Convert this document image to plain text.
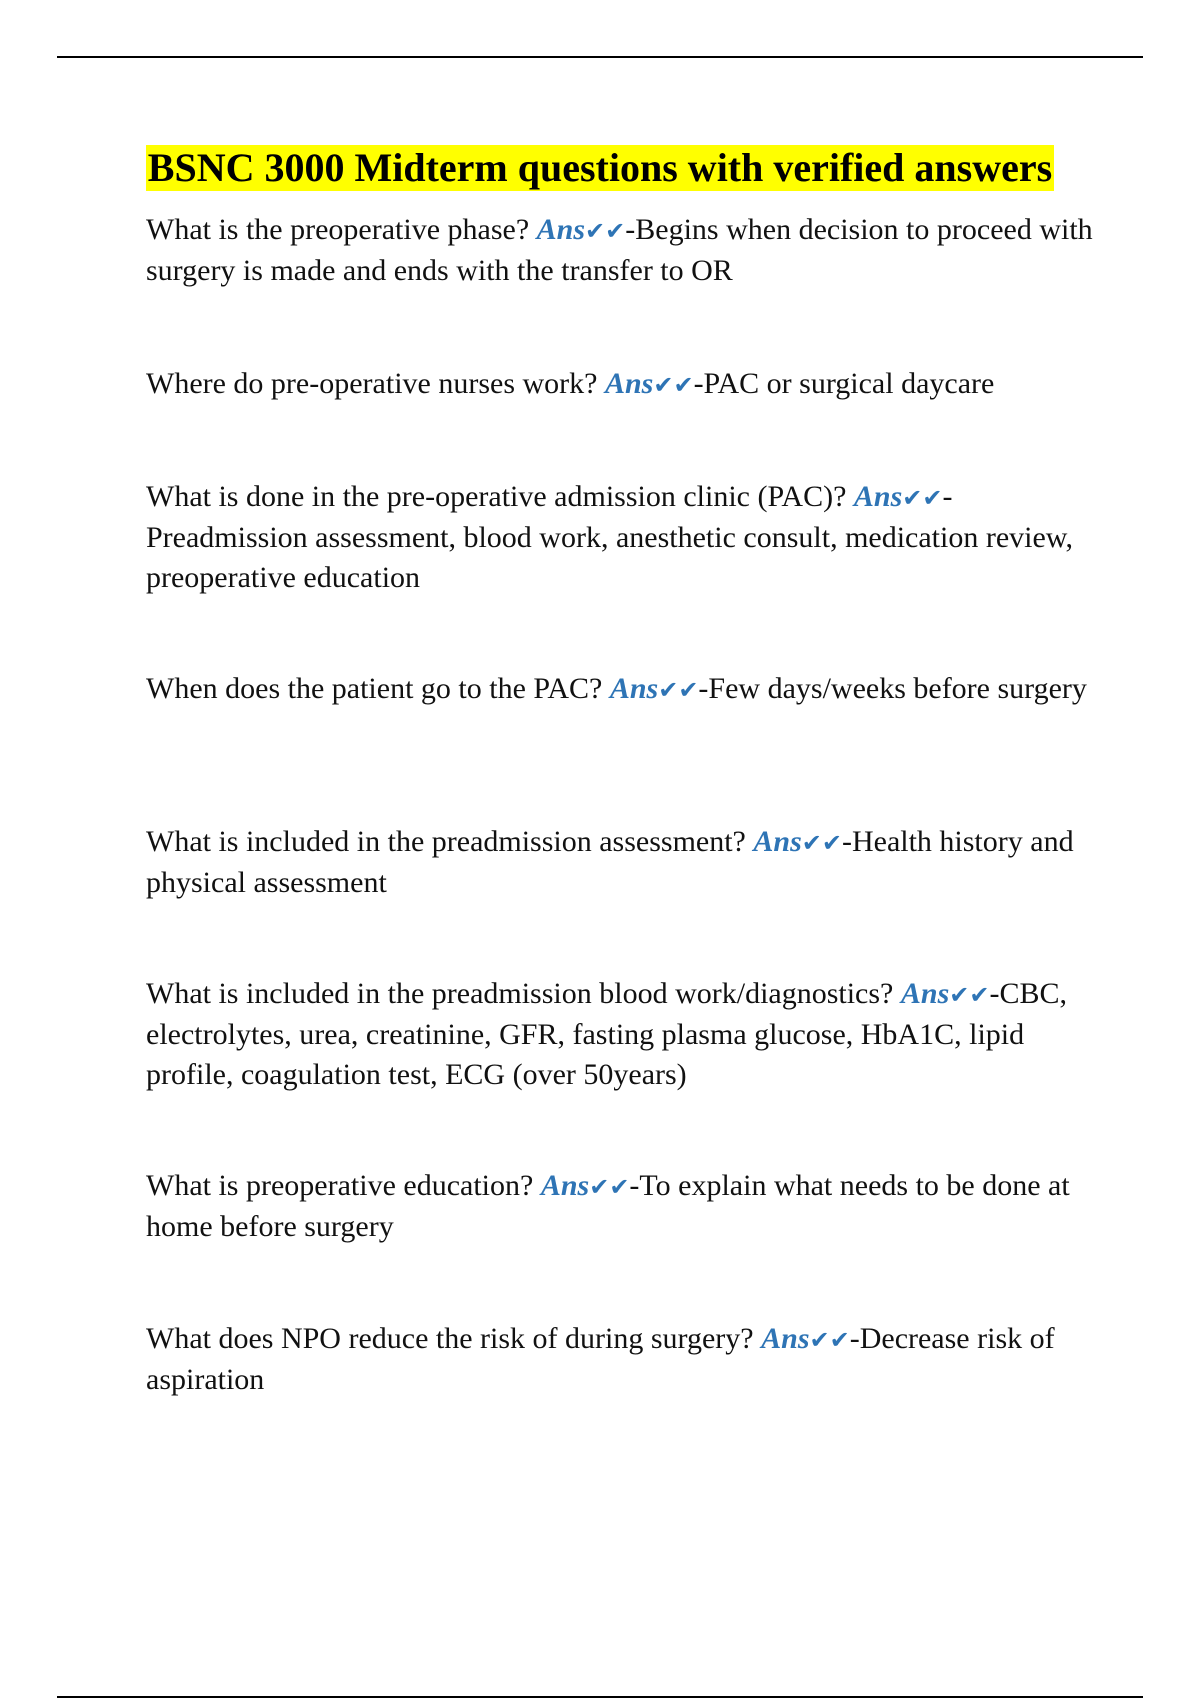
BSNC 3000 Midterm questions with verified answers

What is the preoperative phase? Ans✔✔-Begins when decision to proceed with surgery is made and ends with the transfer to OR

Where do pre-operative nurses work? Ans✔✔-PAC or surgical daycare

What is done in the pre-operative admission clinic (PAC)? Ans✔✔-Preadmission assessment, blood work, anesthetic consult, medication review, preoperative education

When does the patient go to the PAC? Ans✔✔-Few days/weeks before surgery

What is included in the preadmission assessment? Ans✔✔-Health history and physical assessment

What is included in the preadmission blood work/diagnostics? Ans✔✔-CBC, electrolytes, urea, creatinine, GFR, fasting plasma glucose, HbA1C, lipid profile, coagulation test, ECG (over 50years)

What is preoperative education? Ans✔✔-To explain what needs to be done at home before surgery

What does NPO reduce the risk of during surgery? Ans✔✔-Decrease risk of aspiration
